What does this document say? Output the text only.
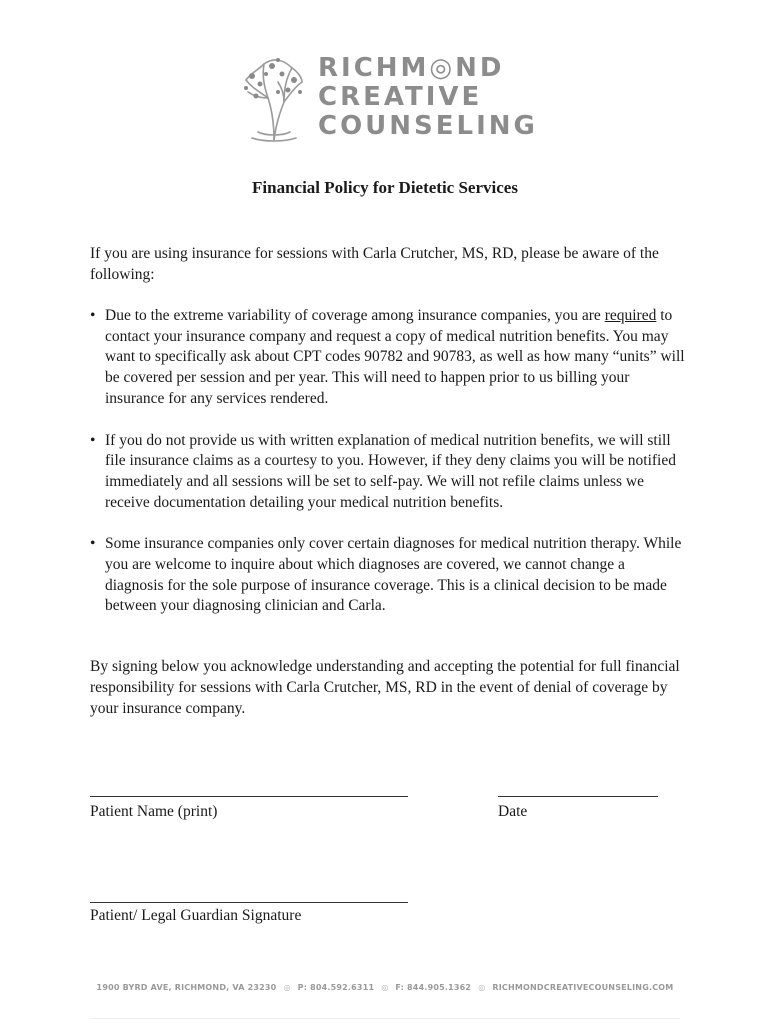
RICHM◎ND
CREATIVE
COUNSELING
Financial Policy for Dietetic Services
If you are using insurance for sessions with Carla Crutcher, MS, RD, please be aware of the following:
• Due to the extreme variability of coverage among insurance companies, you are required to contact your insurance company and request a copy of medical nutrition benefits. You may want to specifically ask about CPT codes 90782 and 90783, as well as how many “units” will be covered per session and per year. This will need to happen prior to us billing your insurance for any services rendered.
• If you do not provide us with written explanation of medical nutrition benefits, we will still file insurance claims as a courtesy to you. However, if they deny claims you will be notified immediately and all sessions will be set to self-pay. We will not refile claims unless we receive documentation detailing your medical nutrition benefits.
• Some insurance companies only cover certain diagnoses for medical nutrition therapy. While you are welcome to inquire about which diagnoses are covered, we cannot change a diagnosis for the sole purpose of insurance coverage. This is a clinical decision to be made between your diagnosing clinician and Carla.
By signing below you acknowledge understanding and accepting the potential for full financial responsibility for sessions with Carla Crutcher, MS, RD in the event of denial of coverage by your insurance company.
Patient Name (print)	Date
Patient/ Legal Guardian Signature
1900 BYRD AVE, RICHMOND, VA 23230 ◎ P: 804.592.6311 ◎ F: 844.905.1362 ◎ RICHMONDCREATIVECOUNSELING.COM
